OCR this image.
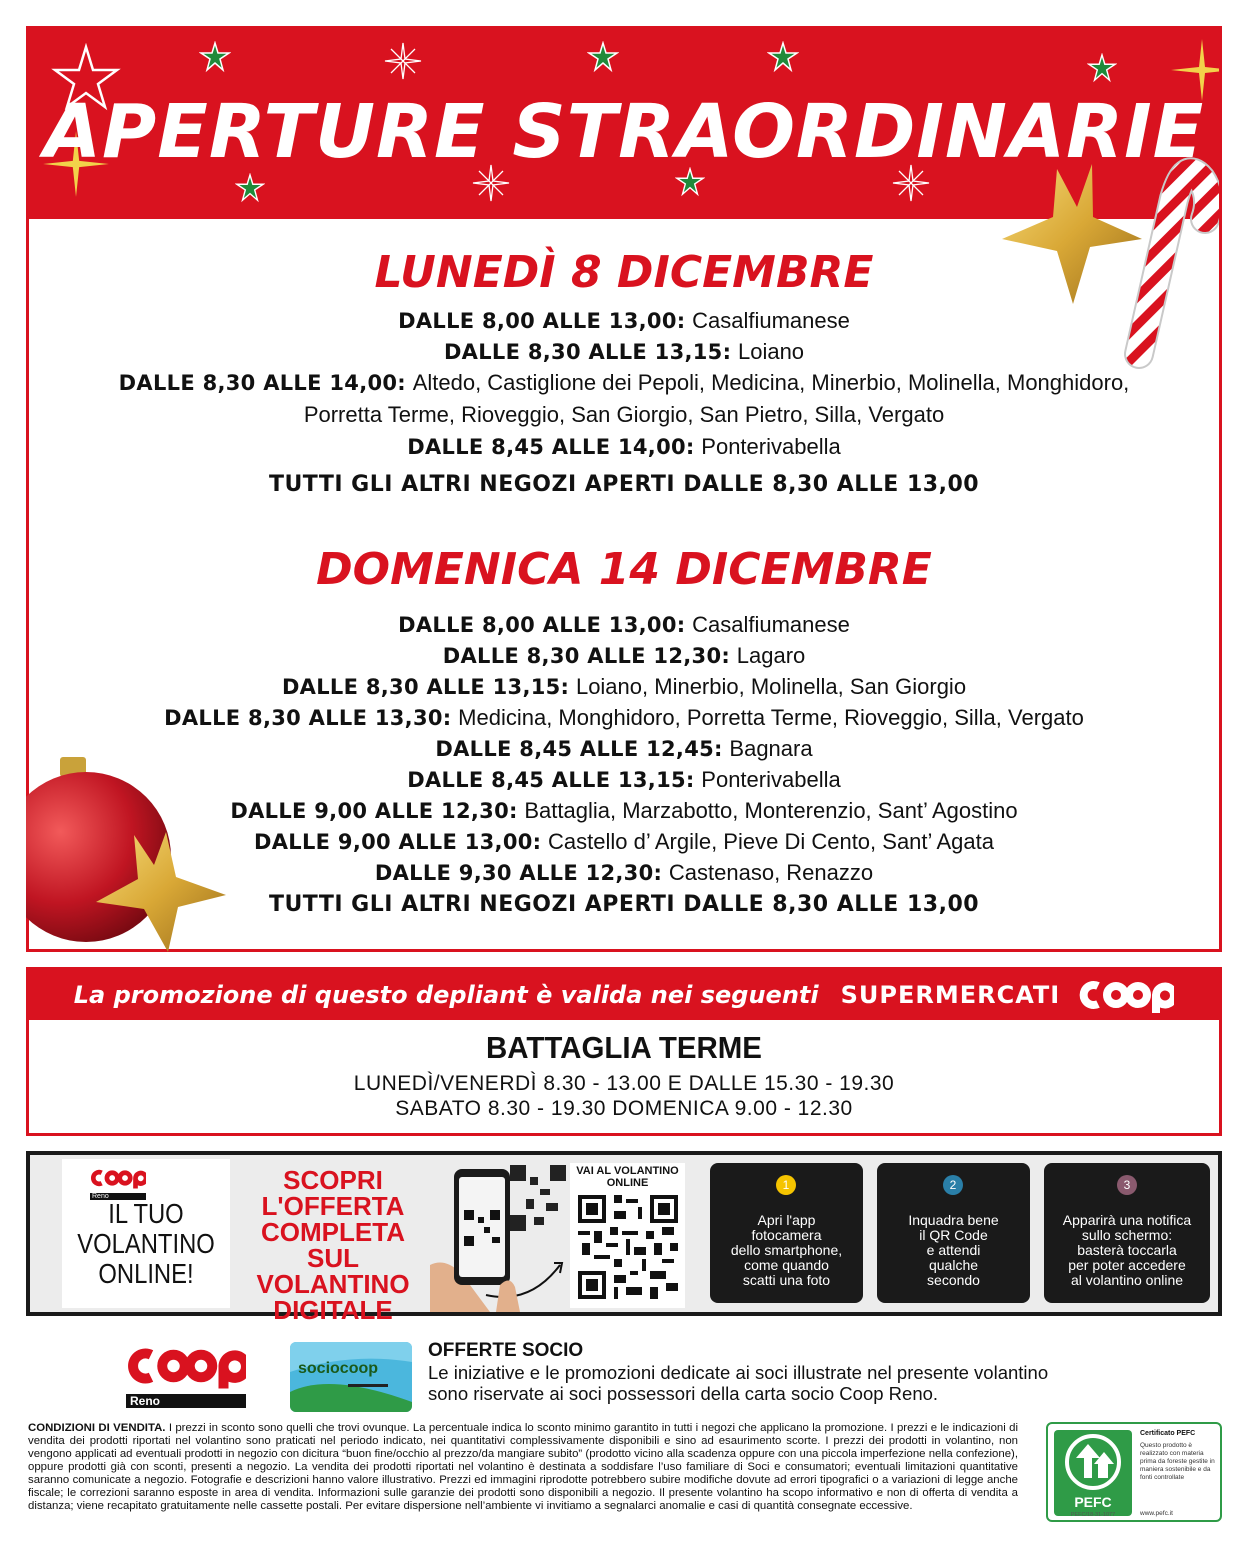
APERTURE STRAORDINARIE
LUNEDÌ 8 DICEMBRE
DALLE 8,00 ALLE 13,00: Casalfiumanese
DALLE 8,30 ALLE 13,15: Loiano
DALLE 8,30 ALLE 14,00: Altedo, Castiglione dei Pepoli, Medicina, Minerbio, Molinella, Monghidoro,
Porretta Terme, Rioveggio, San Giorgio, San Pietro, Silla, Vergato
DALLE 8,45 ALLE 14,00: Ponterivabella
TUTTI GLI ALTRI NEGOZI APERTI DALLE 8,30 ALLE 13,00
DOMENICA 14 DICEMBRE
DALLE 8,00 ALLE 13,00: Casalfiumanese
DALLE 8,30 ALLE 12,30: Lagaro
DALLE 8,30 ALLE 13,15: Loiano, Minerbio, Molinella, San Giorgio
DALLE 8,30 ALLE 13,30: Medicina, Monghidoro, Porretta Terme, Rioveggio, Silla, Vergato
DALLE 8,45 ALLE 12,45: Bagnara
DALLE 8,45 ALLE 13,15: Ponterivabella
DALLE 9,00 ALLE 12,30: Battaglia, Marzabotto, Monterenzio, Sant’ Agostino
DALLE 9,00 ALLE 13,00: Castello d’ Argile, Pieve Di Cento, Sant’ Agata
DALLE 9,30 ALLE 12,30: Castenaso, Renazzo
TUTTI GLI ALTRI NEGOZI APERTI DALLE 8,30 ALLE 13,00
La promozione di questo depliant è valida nei seguenti SUPERMERCATI
BATTAGLIA TERME
LUNEDÌ/VENERDÌ 8.30 - 13.00 E DALLE 15.30 - 19.30
SABATO 8.30 - 19.30 DOMENICA 9.00 - 12.30
Reno
IL TUO
VOLANTINO
ONLINE!
SCOPRI
L'OFFERTA
COMPLETA SUL
VOLANTINO
DIGITALE
VAI AL VOLANTINO
ONLINE	1
Apri l'app
fotocamera
dello smartphone,
come quando
scatti una foto
2
Inquadra bene
il QR Code
e attendi
qualche
secondo
3
Apparirà una notifica
sullo schermo:
basterà toccarla
per poter accedere
al volantino online
Reno
sociocoop
OFFERTE SOCIO
Le iniziative e le promozioni dedicate ai soci illustrate nel presente volantino
sono riservate ai soci possessori della carta socio Coop Reno.
CONDIZIONI DI VENDITA. I prezzi in sconto sono quelli che trovi ovunque. La percentuale indica lo sconto minimo garantito in tutti i negozi che applicano la promozione. I prezzi e le indicazioni di vendita dei prodotti riportati nel volantino sono praticati nel periodo indicato, nei quantitativi complessivamente disponibili e sino ad esaurimento scorte. I prezzi dei prodotti in volantino, non vengono applicati ad eventuali prodotti in negozio con dicitura “buon fine/occhio al prezzo/da mangiare subito” (prodotto vicino alla scadenza oppure con una piccola imperfezione nella confezione), oppure prodotti già con sconti, presenti a negozio. La vendita dei prodotti riportati nel volantino è destinata a soddisfare l’uso familiare di Soci e consumatori; eventuali limitazioni quantitative saranno comunicate a negozio. Fotografie e descrizioni hanno valore illustrativo. Prezzi ed immagini riprodotte potrebbero subire modifiche dovute ad errori tipografici o a variazioni di legge anche fiscale; le correzioni saranno esposte in area di vendita. Informazioni sulle garanzie dei prodotti sono disponibili a negozio. Il presente volantino ha scopo informativo e non di offerta di vendita a distanza; viene recapitato gratuitamente nelle cassette postali. Per evitare dispersione nell’ambiente vi invitiamo a segnalarci anomalie e casi di quantità consegnate eccessive.	PEFC
PEFC/18-31-1077
Certificato PEFC
Questo prodotto è realizzato con materia prima da foreste gestite in maniera sostenibile e da fonti controllate
www.pefc.it
